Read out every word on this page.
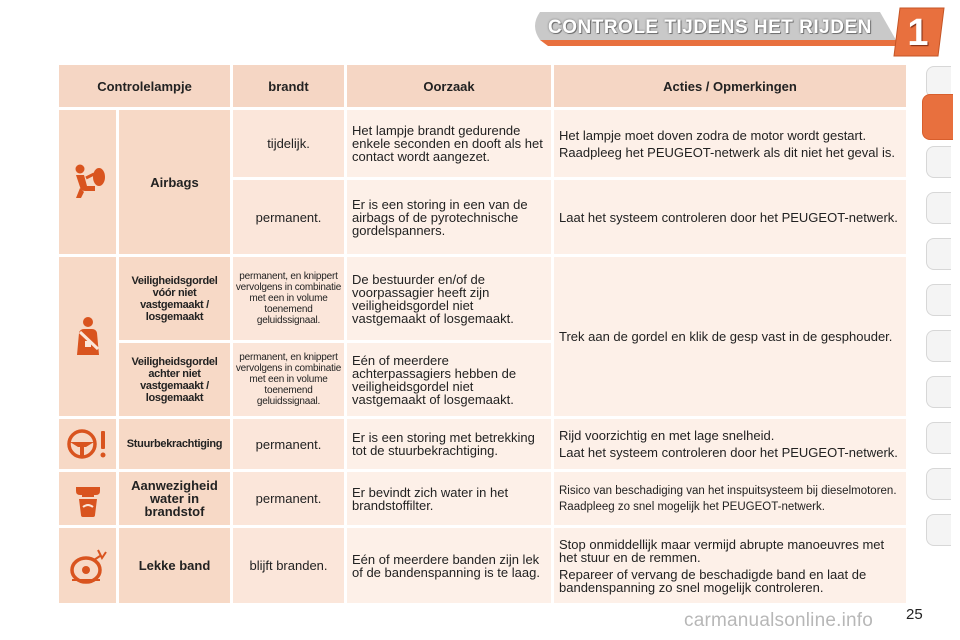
CONTROLE TIJDENS HET RIJDEN 1
Controlelampje		brandt	Oorzaak	Acties / Opmerkingen

	Airbags	tijdelijk.	Het lampje brandt gedurende enkele seconden en dooft als het contact wordt aangezet.	Het lampje moet doven zodra de motor wordt gestart.

Raadpleeg het PEUGEOT-netwerk als dit niet het geval is.

		permanent.	Er is een storing in een van de airbags of de pyrotechnische gordelspanners.	Laat het systeem controleren door het PEUGEOT-netwerk.

	Veiligheidsgordel vóór niet vastgemaakt / losgemaakt	permanent, en knippert vervolgens in combinatie met een in volume toenemend geluidssignaal.	De bestuurder en/of de voorpassagier heeft zijn veiligheidsgordel niet vastgemaakt of losgemaakt.	Trek aan de gordel en klik de gesp vast in de gesphouder.

	Veiligheidsgordel achter niet vastgemaakt / losgemaakt	permanent, en knippert vervolgens in combinatie met een in volume toenemend geluidssignaal.	Eén of meerdere achterpassagiers hebben de veiligheidsgordel niet vastgemaakt of losgemaakt.	

	Stuurbekrachtiging	permanent.	Er is een storing met betrekking tot de stuurbekrachtiging.	Rijd voorzichtig en met lage snelheid.

Laat het systeem controleren door het PEUGEOT-netwerk.

	Aanwezigheid water in brandstof	permanent.	Er bevindt zich water in het brandstoffilter.	Risico van beschadiging van het inspuitsysteem bij dieselmotoren.

Raadpleeg zo snel mogelijk het PEUGEOT-netwerk.

	Lekke band	blijft branden.	Eén of meerdere banden zijn lek of de bandenspanning is te laag.	Stop onmiddellijk maar vermijd abrupte manoeuvres met het stuur en de remmen.

Repareer of vervang de beschadigde band en laat de bandenspanning zo snel mogelijk controleren.

carmanualsonline.info 25
